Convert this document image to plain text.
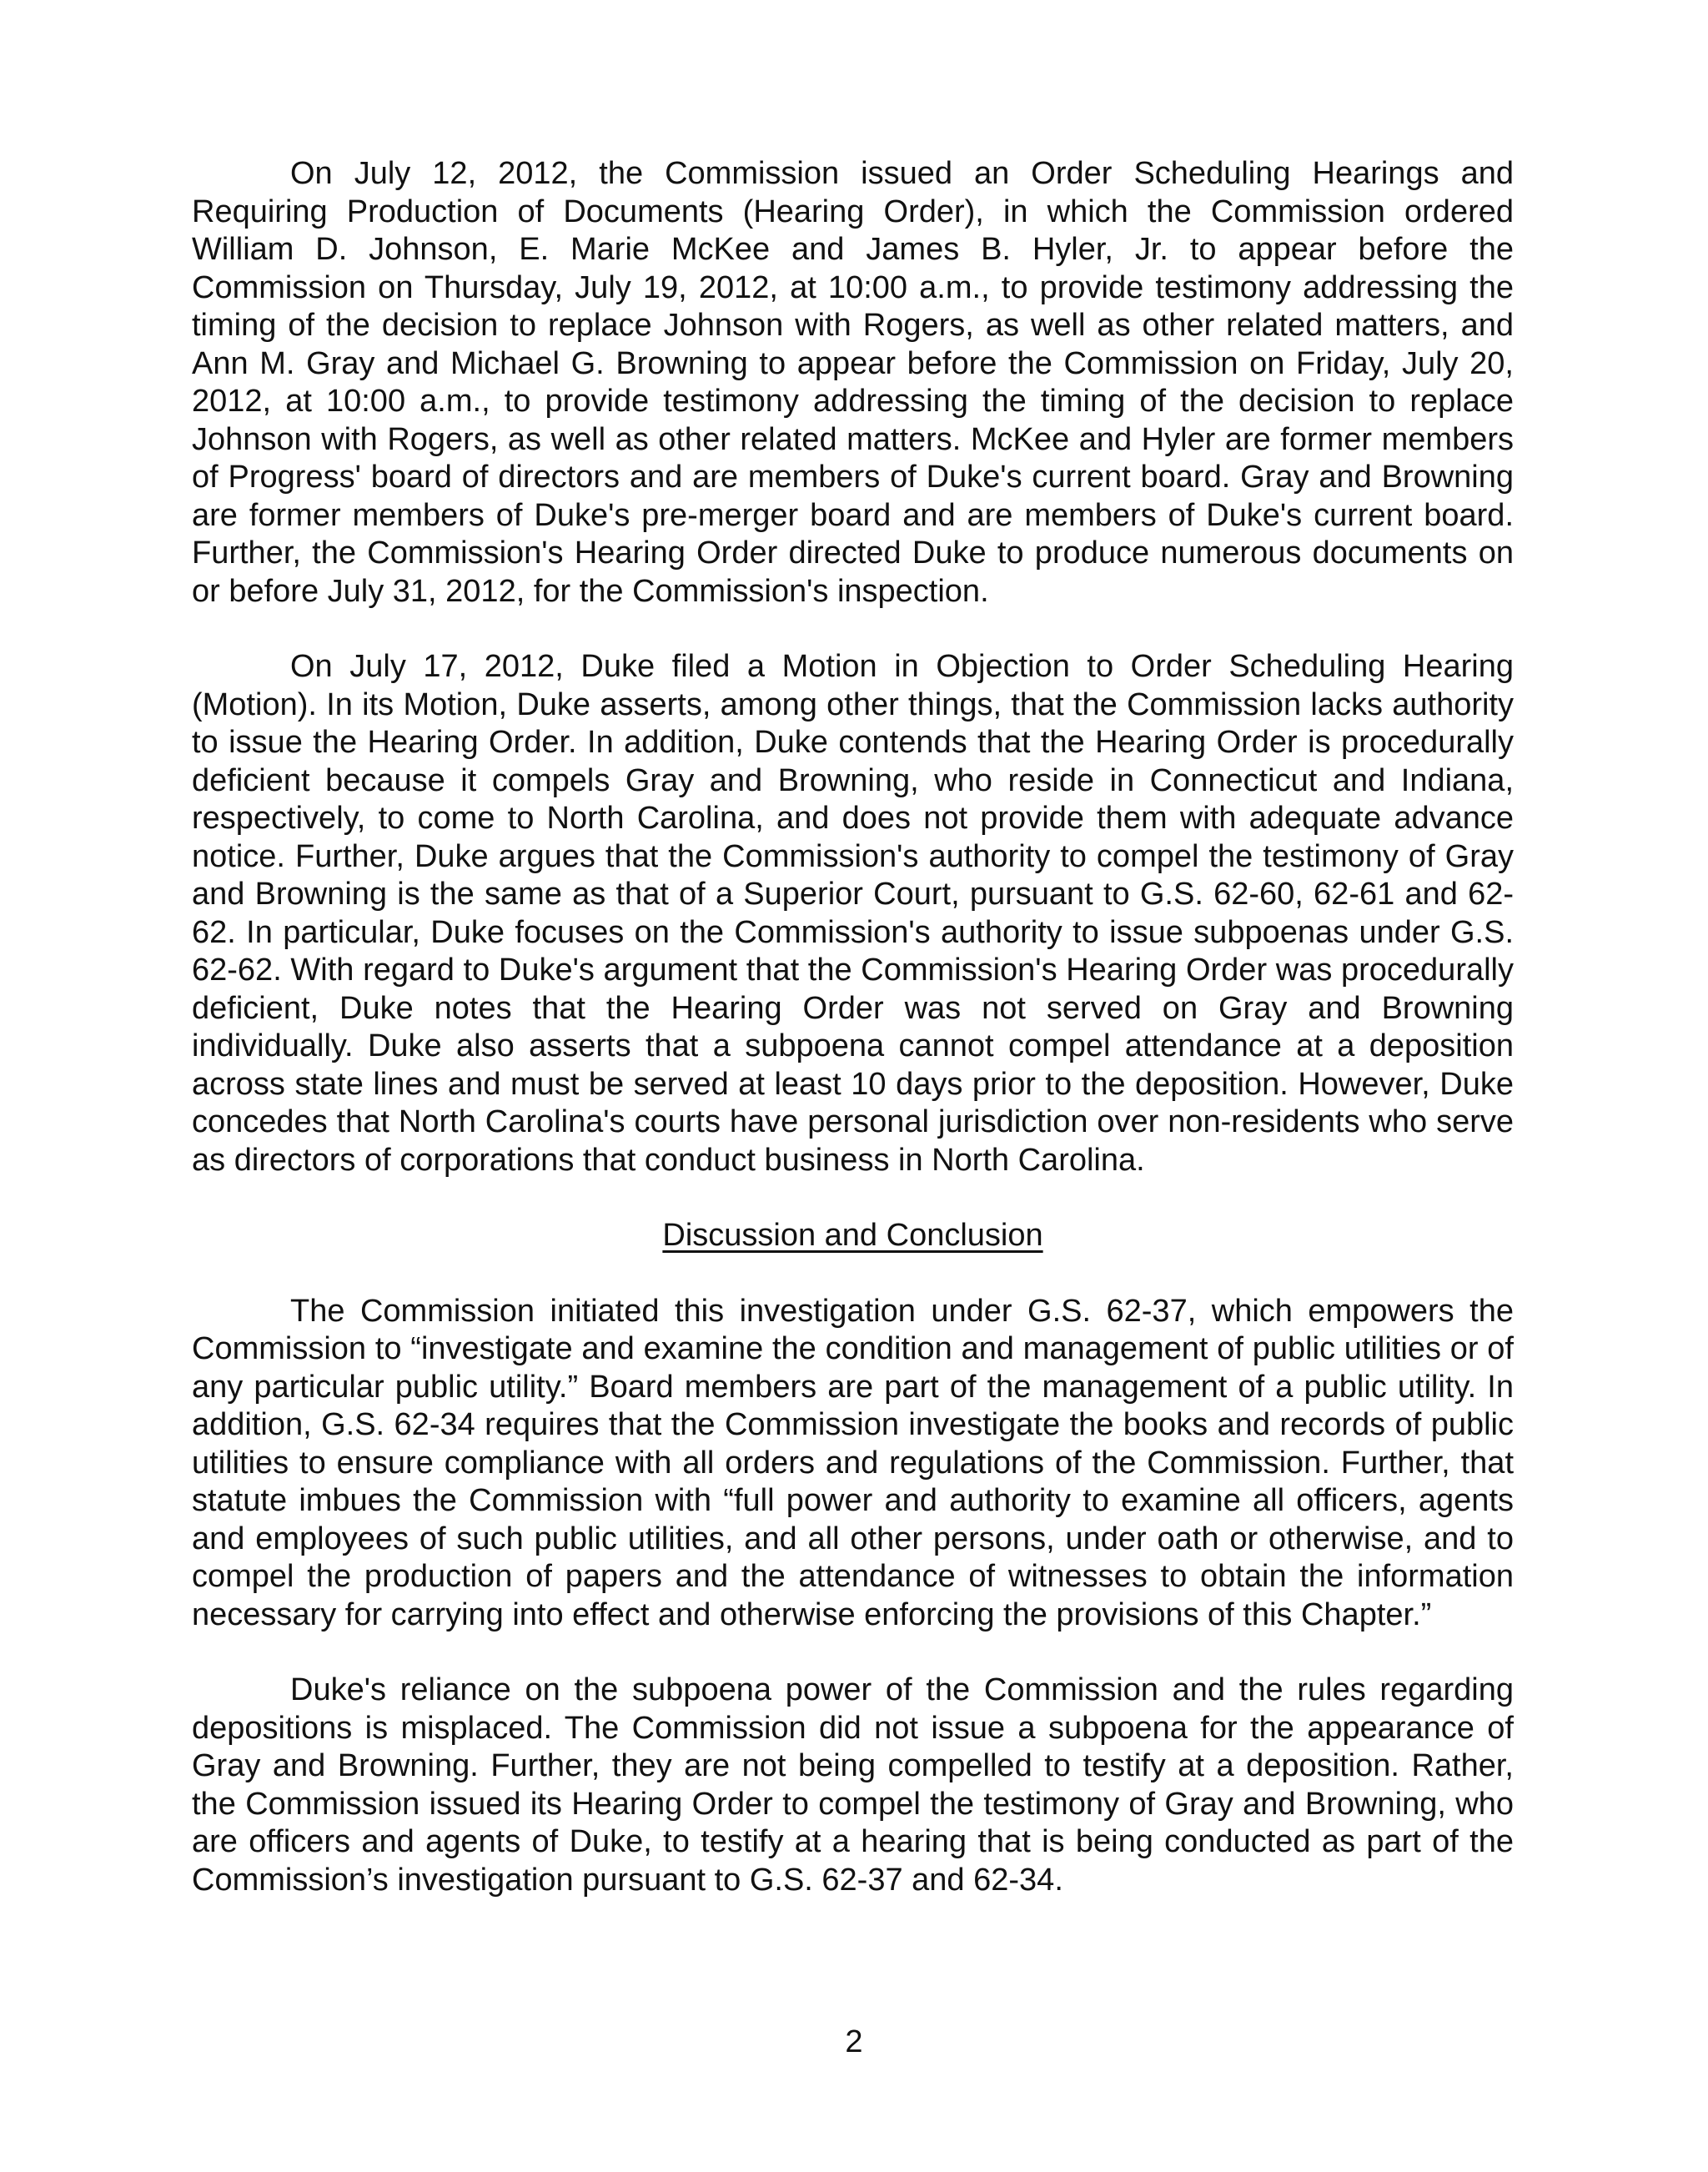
On July 12, 2012, the Commission issued an Order Scheduling Hearings and Requiring Production of Documents (Hearing Order), in which the Commission ordered William D. Johnson, E. Marie McKee and James B. Hyler, Jr. to appear before the Commission on Thursday, July 19, 2012, at 10:00 a.m., to provide testimony addressing the timing of the decision to replace Johnson with Rogers, as well as other related matters, and Ann M. Gray and Michael G. Browning to appear before the Commission on Friday, July 20, 2012, at 10:00 a.m., to provide testimony addressing the timing of the decision to replace Johnson with Rogers, as well as other related matters. McKee and Hyler are former members of Progress' board of directors and are members of Duke's current board. Gray and Browning are former members of Duke's pre-merger board and are members of Duke's current board. Further, the Commission's Hearing Order directed Duke to produce numerous documents on or before July 31, 2012, for the Commission's inspection.

On July 17, 2012, Duke filed a Motion in Objection to Order Scheduling Hearing (Motion). In its Motion, Duke asserts, among other things, that the Commission lacks authority to issue the Hearing Order. In addition, Duke contends that the Hearing Order is procedurally deficient because it compels Gray and Browning, who reside in Connecticut and Indiana, respectively, to come to North Carolina, and does not provide them with adequate advance notice. Further, Duke argues that the Commission's authority to compel the testimony of Gray and Browning is the same as that of a Superior Court, pursuant to G.S. 62-60, 62-61 and 62-62. In particular, Duke focuses on the Commission's authority to issue subpoenas under G.S. 62-62. With regard to Duke's argument that the Commission's Hearing Order was procedurally deficient, Duke notes that the Hearing Order was not served on Gray and Browning individually. Duke also asserts that a subpoena cannot compel attendance at a deposition across state lines and must be served at least 10 days prior to the deposition. However, Duke concedes that North Carolina's courts have personal jurisdiction over non-residents who serve as directors of corporations that conduct business in North Carolina.

Discussion and Conclusion

The Commission initiated this investigation under G.S. 62-37, which empowers the Commission to “investigate and examine the condition and management of public utilities or of any particular public utility.” Board members are part of the management of a public utility. In addition, G.S. 62-34 requires that the Commission investigate the books and records of public utilities to ensure compliance with all orders and regulations of the Commission. Further, that statute imbues the Commission with “full power and authority to examine all officers, agents and employees of such public utilities, and all other persons, under oath or otherwise, and to compel the production of papers and the attendance of witnesses to obtain the information necessary for carrying into effect and otherwise enforcing the provisions of this Chapter.”

Duke's reliance on the subpoena power of the Commission and the rules regarding depositions is misplaced. The Commission did not issue a subpoena for the appearance of Gray and Browning. Further, they are not being compelled to testify at a deposition. Rather, the Commission issued its Hearing Order to compel the testimony of Gray and Browning, who are officers and agents of Duke, to testify at a hearing that is being conducted as part of the Commission’s investigation pursuant to G.S. 62-37 and 62-34.

2
